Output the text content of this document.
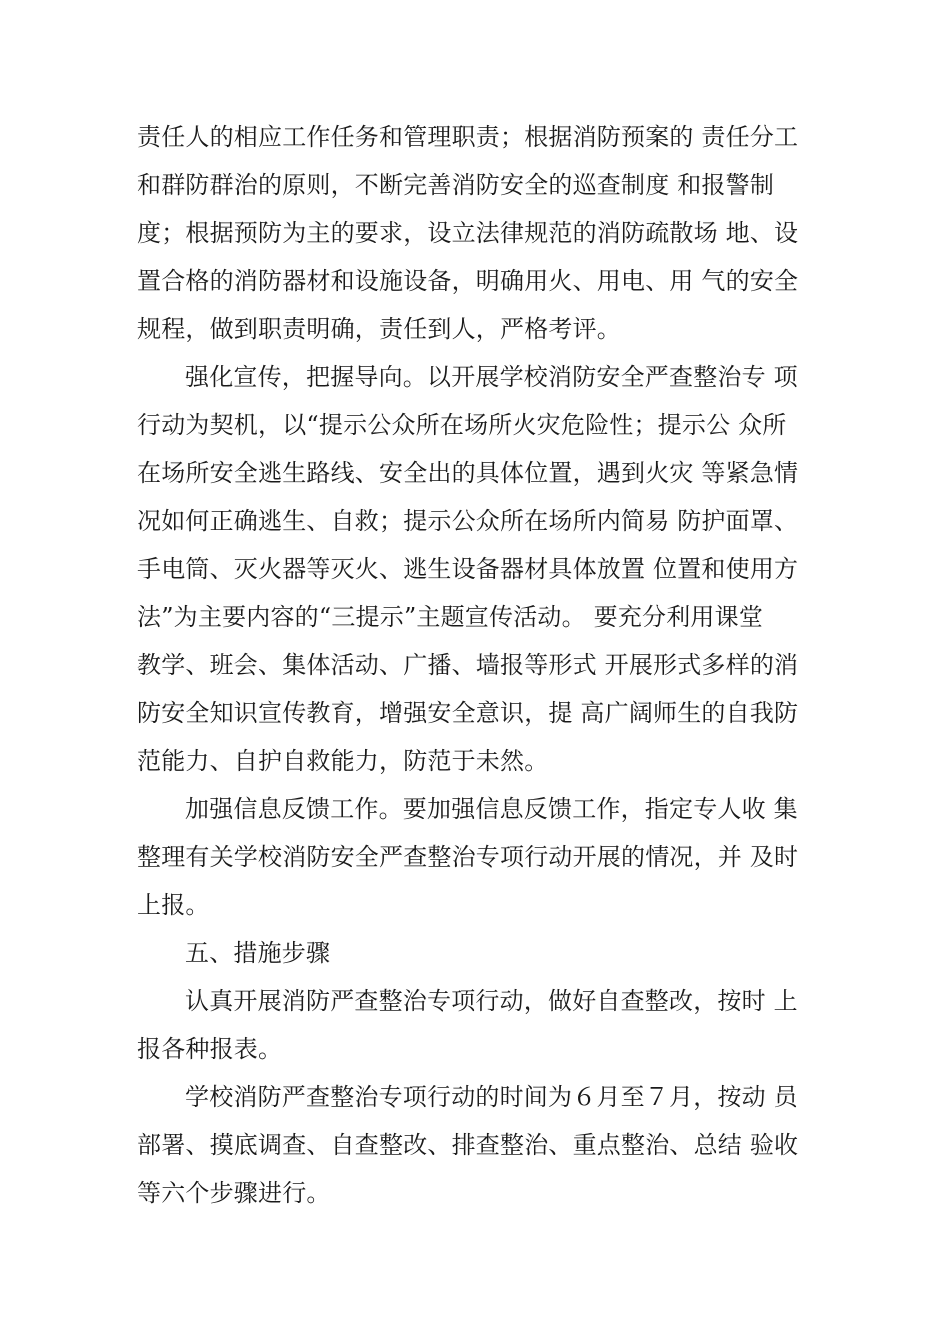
责任人的相应工作任务和管理职责；根据消防预案的 责任分工
和群防群治的原则，不断完善消防安全的巡查制度 和报警制
度；根据预防为主的要求，设立法律规范的消防疏散场 地、设
置合格的消防器材和设施设备，明确用火、用电、用 气的安全
规程，做到职责明确，责任到人，严格考评。
强化宣传，把握导向。以开展学校消防安全严查整治专 项
行动为契机，以“提示公众所在场所火灾危险性；提示公 众所
在场所安全逃生路线、安全出的具体位置，遇到火灾 等紧急情
况如何正确逃生、自救；提示公众所在场所内简易 防护面罩、
手电筒、灭火器等灭火、逃生设备器材具体放置 位置和使用方
法”为主要内容的“三提示”主题宣传活动。 要充分利用课堂
教学、班会、集体活动、广播、墙报等形式 开展形式多样的消
防安全知识宣传教育，增强安全意识，提 高广阔师生的自我防
范能力、自护自救能力，防范于未然。
加强信息反馈工作。要加强信息反馈工作，指定专人收 集
整理有关学校消防安全严查整治专项行动开展的情况，并 及时
上报。
五、措施步骤
认真开展消防严查整治专项行动，做好自查整改，按时 上
报各种报表。
学校消防严查整治专项行动的时间为６月至７月，按动 员
部署、摸底调查、自查整改、排查整治、重点整治、总结 验收
等六个步骤进行。
